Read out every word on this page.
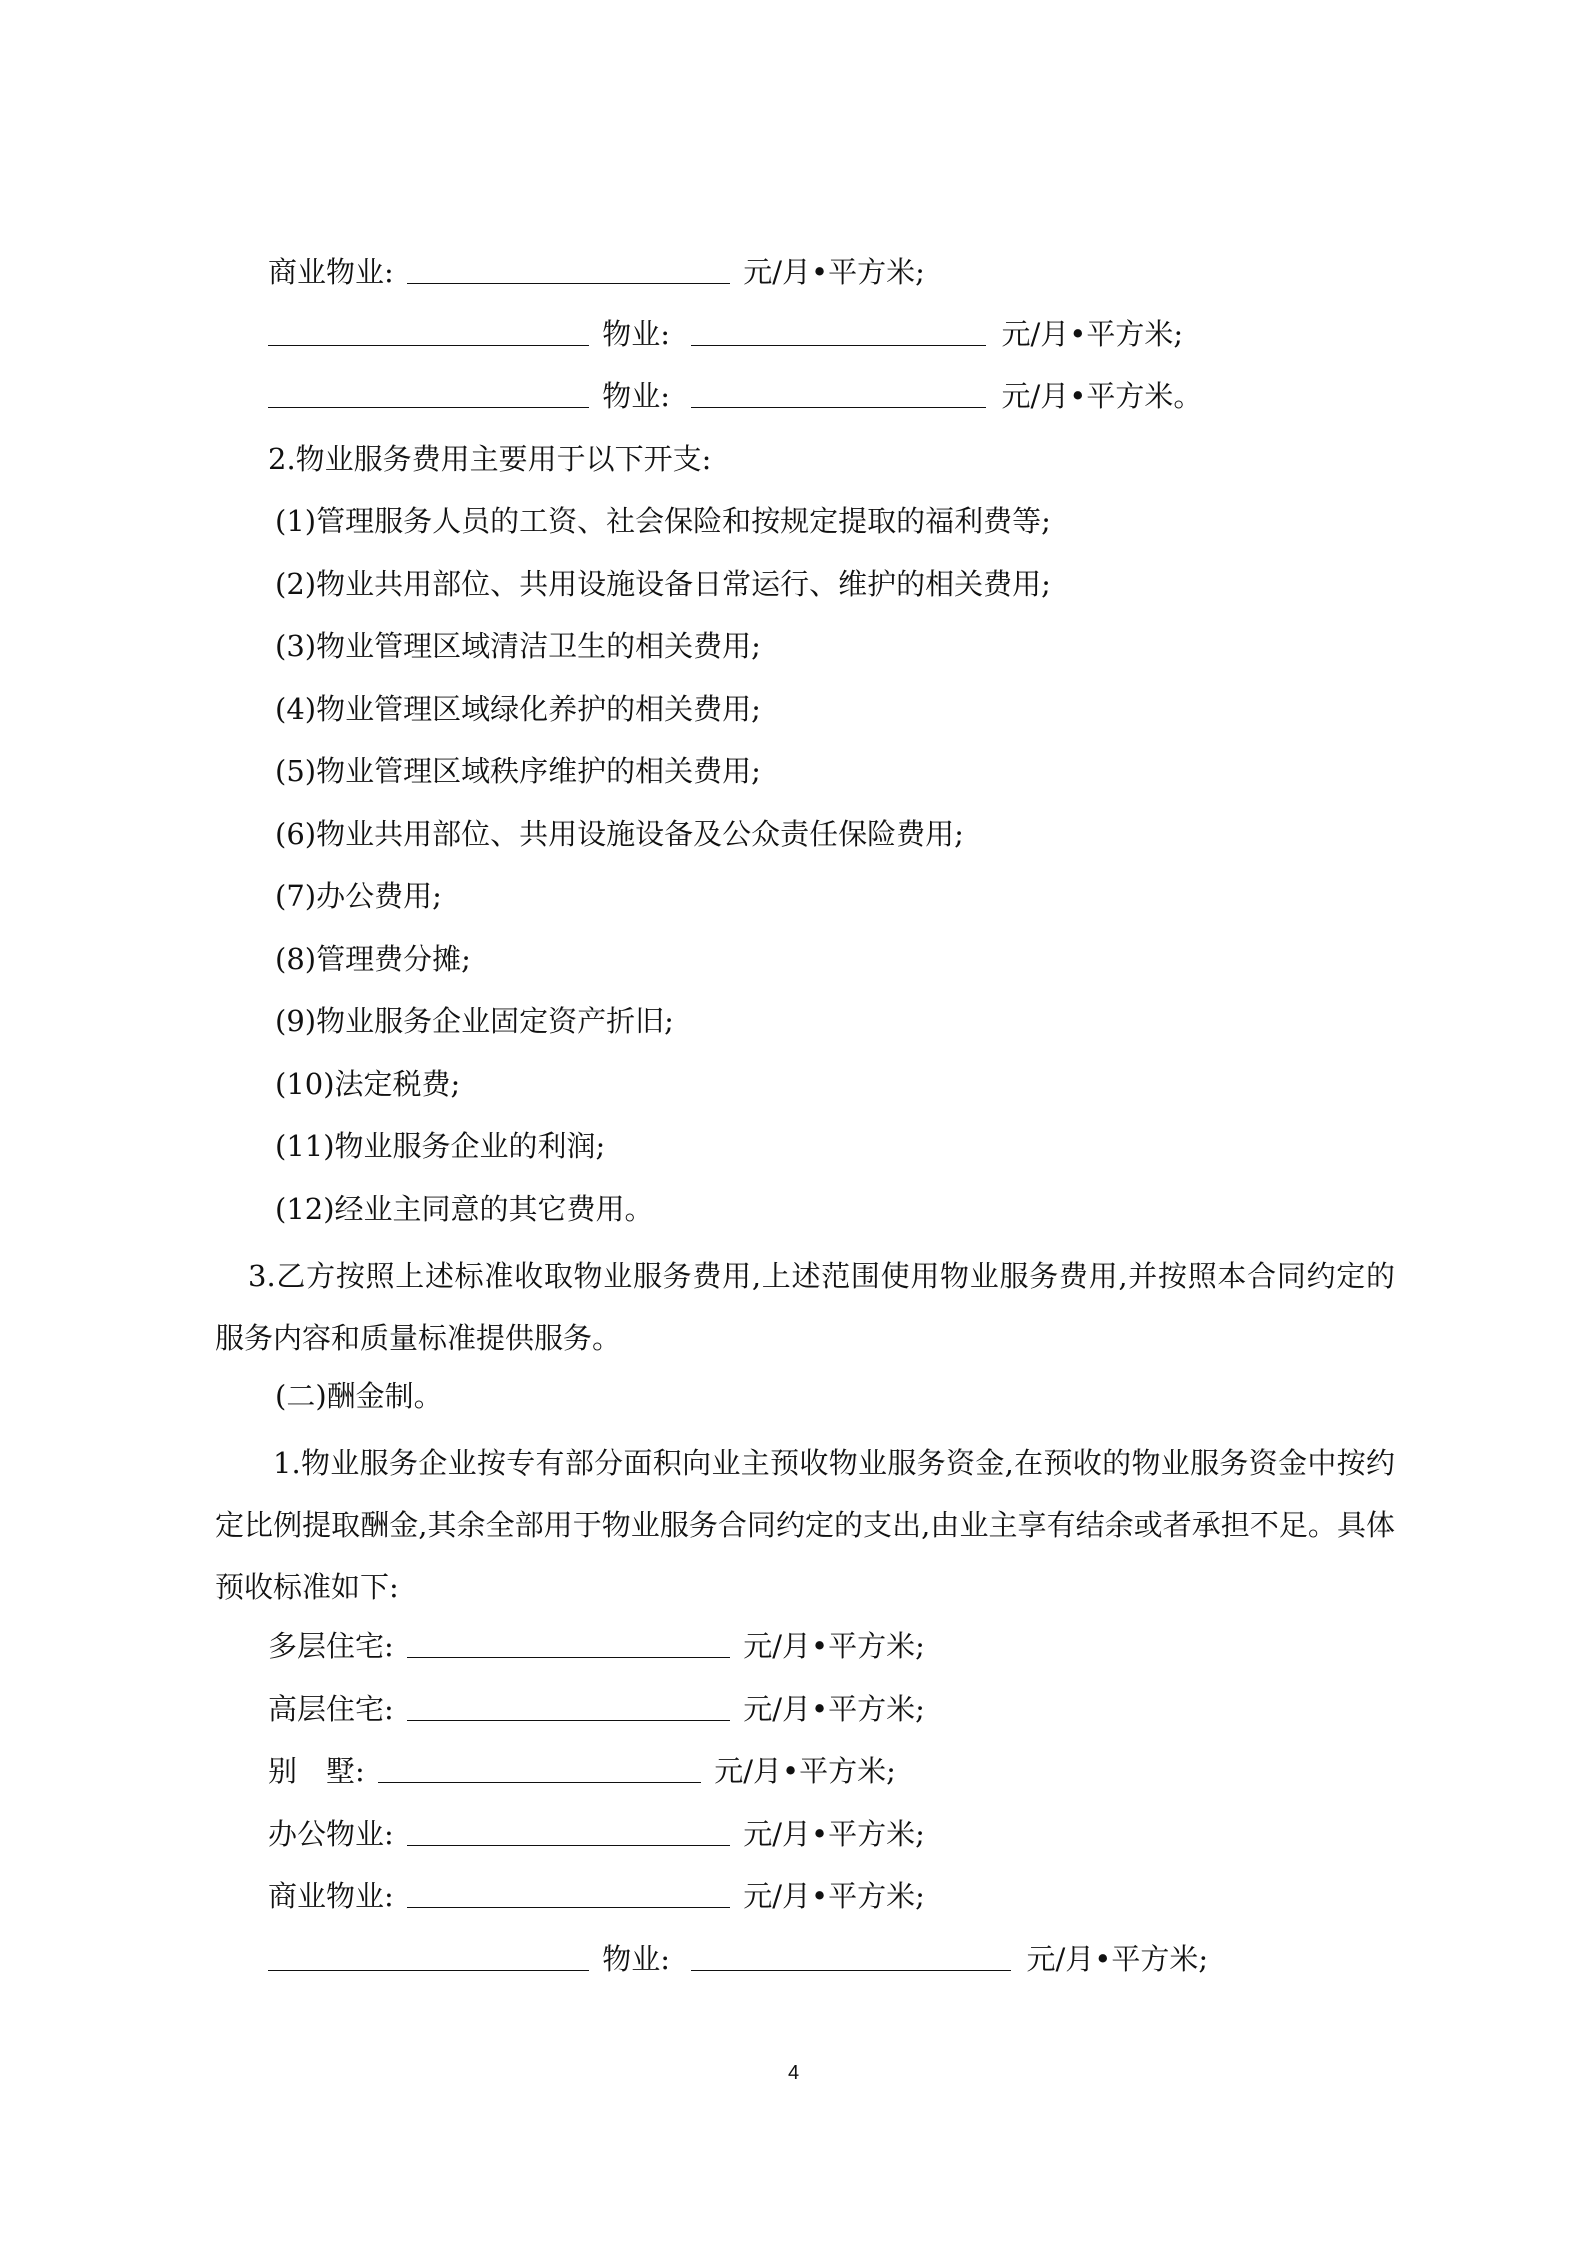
商业物业:	元/月•平方米;
物业:	元/月•平方米;
物业:	元/月•平方米。
2.物业服务费用主要用于以下开支:
(1)管理服务人员的工资、社会保险和按规定提取的福利费等;
(2)物业共用部位、共用设施设备日常运行、维护的相关费用;
(3)物业管理区域清洁卫生的相关费用;
(4)物业管理区域绿化养护的相关费用;
(5)物业管理区域秩序维护的相关费用;
(6)物业共用部位、共用设施设备及公众责任保险费用;
(7)办公费用;
(8)管理费分摊;
(9)物业服务企业固定资产折旧;
(10)法定税费;
(11)物业服务企业的利润;
(12)经业主同意的其它费用。
3.乙方按照上述标准收取物业服务费用,上述范围使用物业服务费用,并按照本合同约定的服务内容和质量标准提供服务。
(二)酬金制。
1.物业服务企业按专有部分面积向业主预收物业服务资金,在预收的物业服务资金中按约定比例提取酬金,其余全部用于物业服务合同约定的支出,由业主享有结余或者承担不足。具体预收标准如下:
多层住宅:	元/月•平方米;
高层住宅:	元/月•平方米;
别　墅:	元/月•平方米;
办公物业:	元/月•平方米;
商业物业:	元/月•平方米;
物业:	元/月•平方米;
4
